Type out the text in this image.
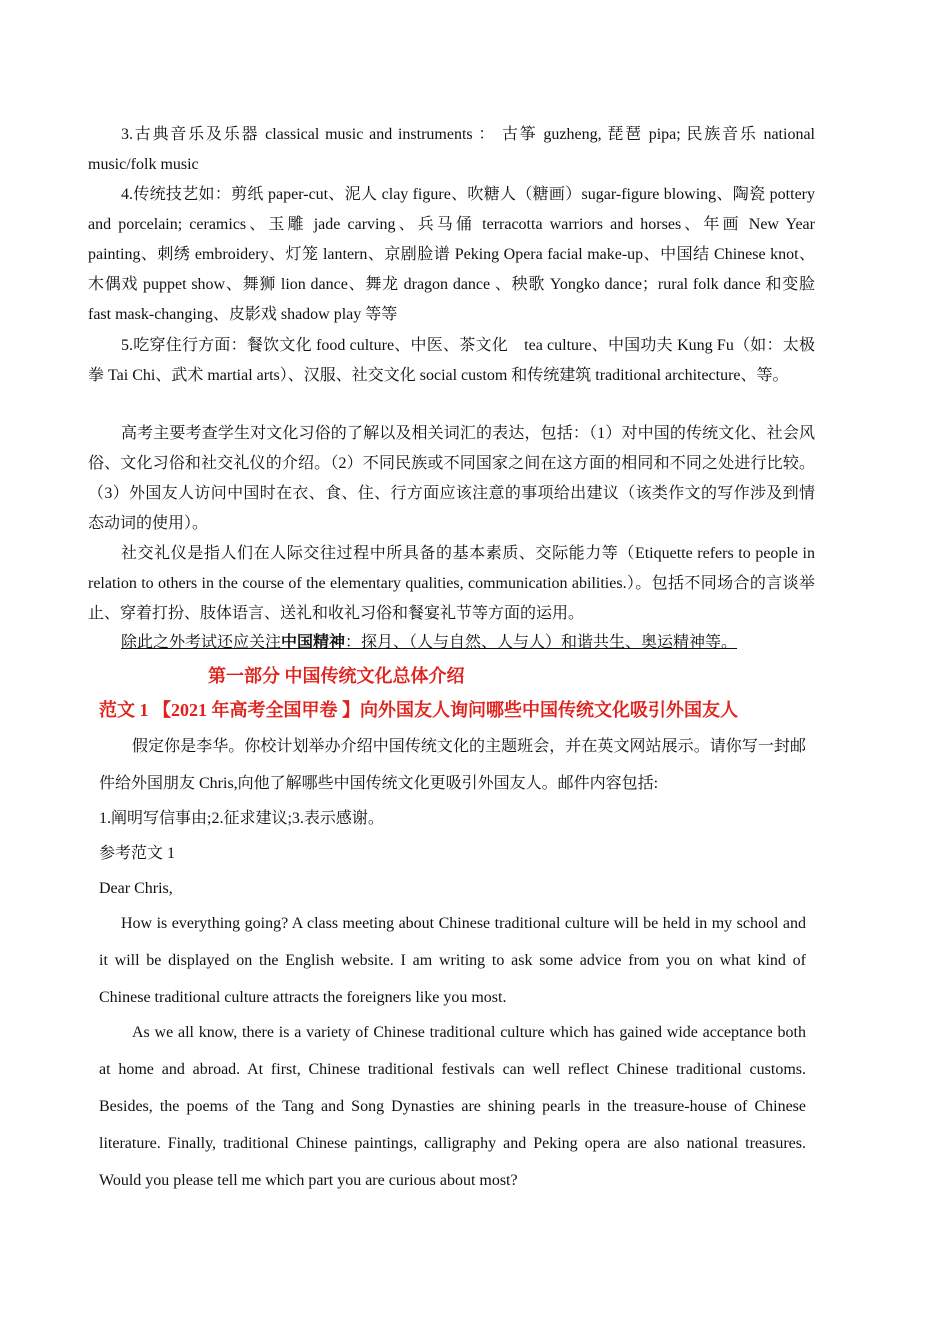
3.古典音乐及乐器 classical music and instruments ： 古筝 guzheng, 琵琶 pipa; 民族音乐 national music/folk music

4.传统技艺如：剪纸 paper-cut、泥人 clay figure、吹糖人（糖画）sugar-figure blowing、陶瓷 pottery and porcelain; ceramics、玉雕 jade carving、兵马俑 terracotta warriors and horses、年画 New Year painting、刺绣 embroidery、灯笼 lantern、京剧脸谱 Peking Opera facial make-up、中国结 Chinese knot、木偶戏 puppet show、舞狮 lion dance、舞龙 dragon dance 、秧歌 Yongko dance；rural folk dance 和变脸 fast mask-changing、皮影戏 shadow play 等等

5.吃穿住行方面：餐饮文化 food culture、中医、茶文化　tea culture、中国功夫 Kung Fu（如：太极拳 Tai Chi、武术 martial arts）、汉服、社交文化 social custom 和传统建筑 traditional architecture、等。

高考主要考查学生对文化习俗的了解以及相关词汇的表达，包括：（1）对中国的传统文化、社会风俗、文化习俗和社交礼仪的介绍。（2）不同民族或不同国家之间在这方面的相同和不同之处进行比较。（3）外国友人访问中国时在衣、食、住、行方面应该注意的事项给出建议（该类作文的写作涉及到情态动词的使用）。

社交礼仪是指人们在人际交往过程中所具备的基本素质、交际能力等（Etiquette refers to people in relation to others in the course of the elementary qualities, communication abilities.）。包括不同场合的言谈举止、穿着打扮、肢体语言、送礼和收礼习俗和餐宴礼节等方面的运用。

除此之外考试还应关注中国精神：探月、（人与自然、人与人）和谐共生、奥运精神等。

第一部分 中国传统文化总体介绍

范文 1 【2021 年高考全国甲卷 】向外国友人询问哪些中国传统文化吸引外国友人

假定你是李华。你校计划举办介绍中国传统文化的主题班会，并在英文网站展示。请你写一封邮件给外国朋友 Chris,向他了解哪些中国传统文化更吸引外国友人。邮件内容包括:

1.阐明写信事由;2.征求建议;3.表示感谢。

参考范文 1

Dear Chris,

How is everything going? A class meeting about Chinese traditional culture will be held in my school and it will be displayed on the English website. I am writing to ask some advice from you on what kind of Chinese traditional culture attracts the foreigners like you most.

As we all know, there is a variety of Chinese traditional culture which has gained wide acceptance both at home and abroad. At first, Chinese traditional festivals can well reflect Chinese traditional customs. Besides, the poems of the Tang and Song Dynasties are shining pearls in the treasure-house of Chinese literature. Finally, traditional Chinese paintings, calligraphy and Peking opera are also national treasures. Would you please tell me which part you are curious about most?
